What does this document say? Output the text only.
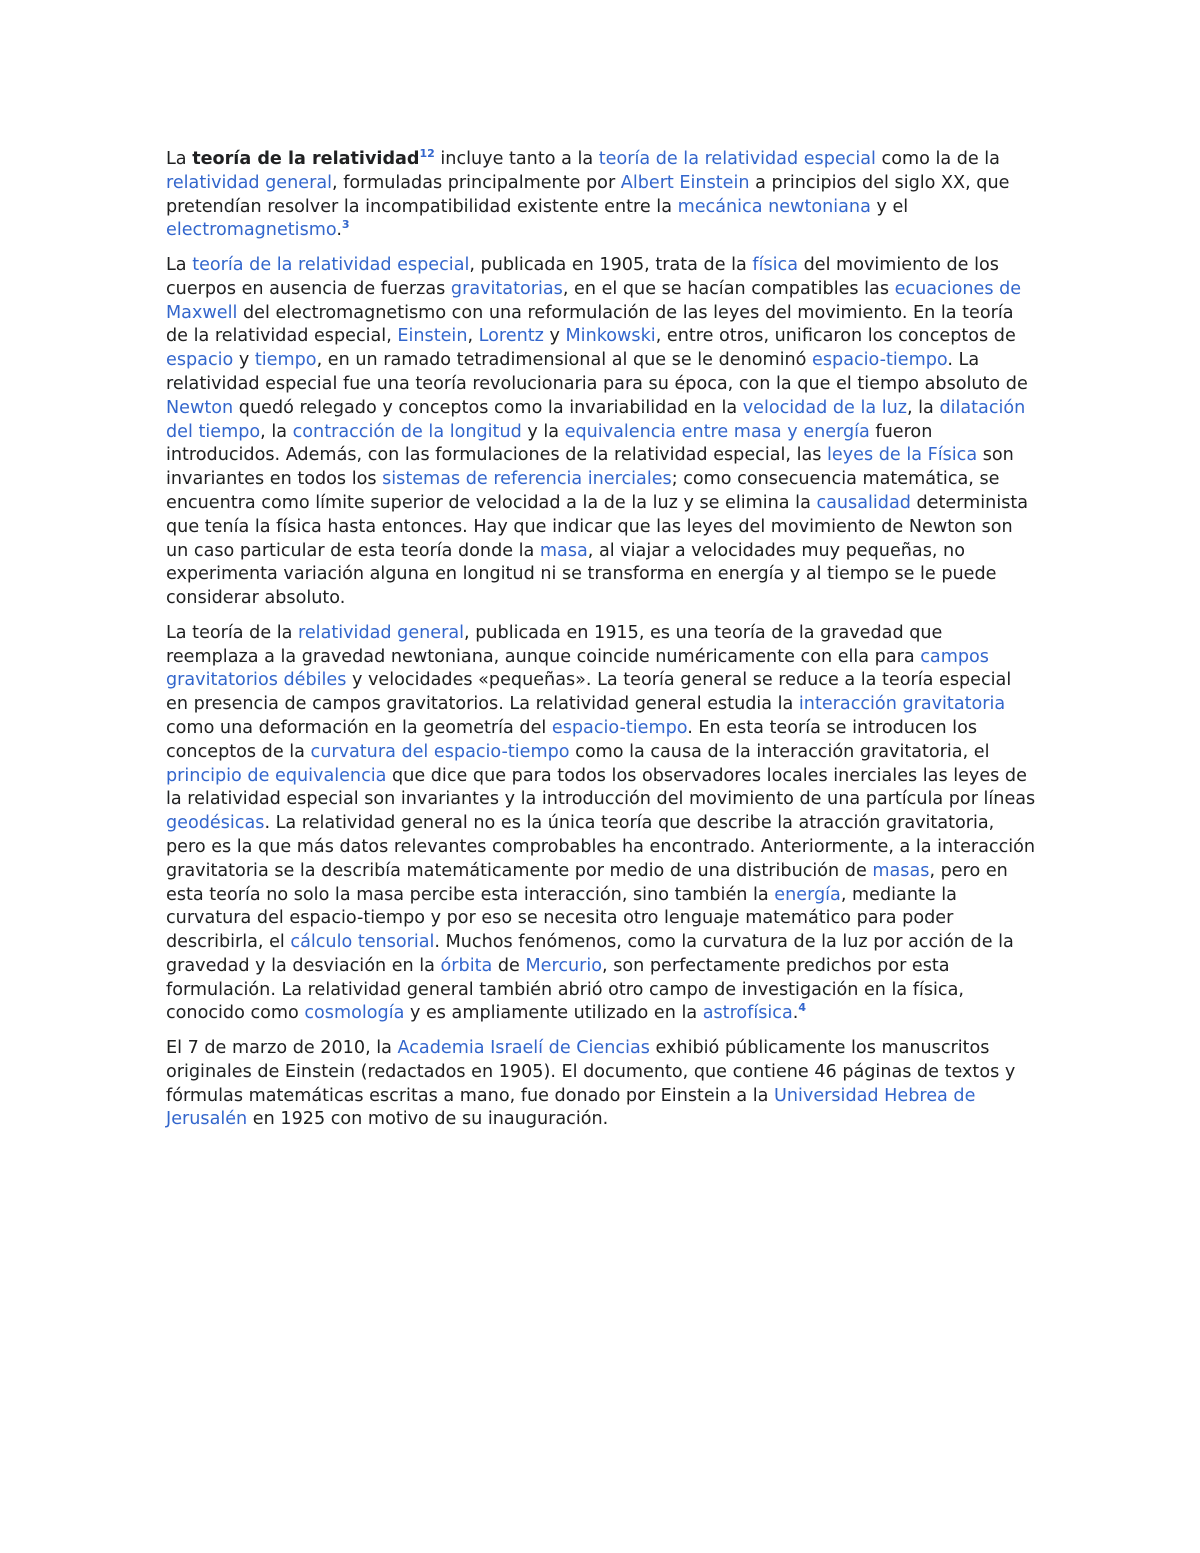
La teoría de la relatividad$^{12}$ incluye tanto a la teoría de la relatividad especial como la de la relatividad general, formuladas principalmente por Albert Einstein a principios del siglo XX, que pretendían resolver la incompatibilidad existente entre la mecánica newtoniana y el electromagnetismo.$^3$

La teoría de la relatividad especial, publicada en 1905, trata de la física del movimiento de los cuerpos en ausencia de fuerzas gravitatorias, en el que se hacían compatibles las ecuaciones de Maxwell del electromagnetismo con una reformulación de las leyes del movimiento. En la teoría de la relatividad especial, Einstein, Lorentz y Minkowski, entre otros, unificaron los conceptos de espacio y tiempo, en un ramado tetradimensional al que se le denominó espacio-tiempo. La relatividad especial fue una teoría revolucionaria para su época, con la que el tiempo absoluto de Newton quedó relegado y conceptos como la invariabilidad en la velocidad de la luz, la dilatación del tiempo, la contracción de la longitud y la equivalencia entre masa y energía fueron introducidos. Además, con las formulaciones de la relatividad especial, las leyes de la Física son invariantes en todos los sistemas de referencia inerciales; como consecuencia matemática, se encuentra como límite superior de velocidad a la de la luz y se elimina la causalidad determinista que tenía la física hasta entonces. Hay que indicar que las leyes del movimiento de Newton son un caso particular de esta teoría donde la masa, al viajar a velocidades muy pequeñas, no experimenta variación alguna en longitud ni se transforma en energía y al tiempo se le puede considerar absoluto.

La teoría de la relatividad general, publicada en 1915, es una teoría de la gravedad que reemplaza a la gravedad newtoniana, aunque coincide numéricamente con ella para campos gravitatorios débiles y velocidades «pequeñas». La teoría general se reduce a la teoría especial en presencia de campos gravitatorios. La relatividad general estudia la interacción gravitatoria como una deformación en la geometría del espacio-tiempo. En esta teoría se introducen los conceptos de la curvatura del espacio-tiempo como la causa de la interacción gravitatoria, el principio de equivalencia que dice que para todos los observadores locales inerciales las leyes de la relatividad especial son invariantes y la introducción del movimiento de una partícula por líneas geodésicas. La relatividad general no es la única teoría que describe la atracción gravitatoria, pero es la que más datos relevantes comprobables ha encontrado. Anteriormente, a la interacción gravitatoria se la describía matemáticamente por medio de una distribución de masas, pero en esta teoría no solo la masa percibe esta interacción, sino también la energía, mediante la curvatura del espacio-tiempo y por eso se necesita otro lenguaje matemático para poder describirla, el cálculo tensorial. Muchos fenómenos, como la curvatura de la luz por acción de la gravedad y la desviación en la órbita de Mercurio, son perfectamente predichos por esta formulación. La relatividad general también abrió otro campo de investigación en la física, conocido como cosmología y es ampliamente utilizado en la astrofísica.$^4$

El 7 de marzo de 2010, la Academia Israelí de Ciencias exhibió públicamente los manuscritos originales de Einstein (redactados en 1905). El documento, que contiene 46 páginas de textos y fórmulas matemáticas escritas a mano, fue donado por Einstein a la Universidad Hebrea de Jerusalén en 1925 con motivo de su inauguración.
